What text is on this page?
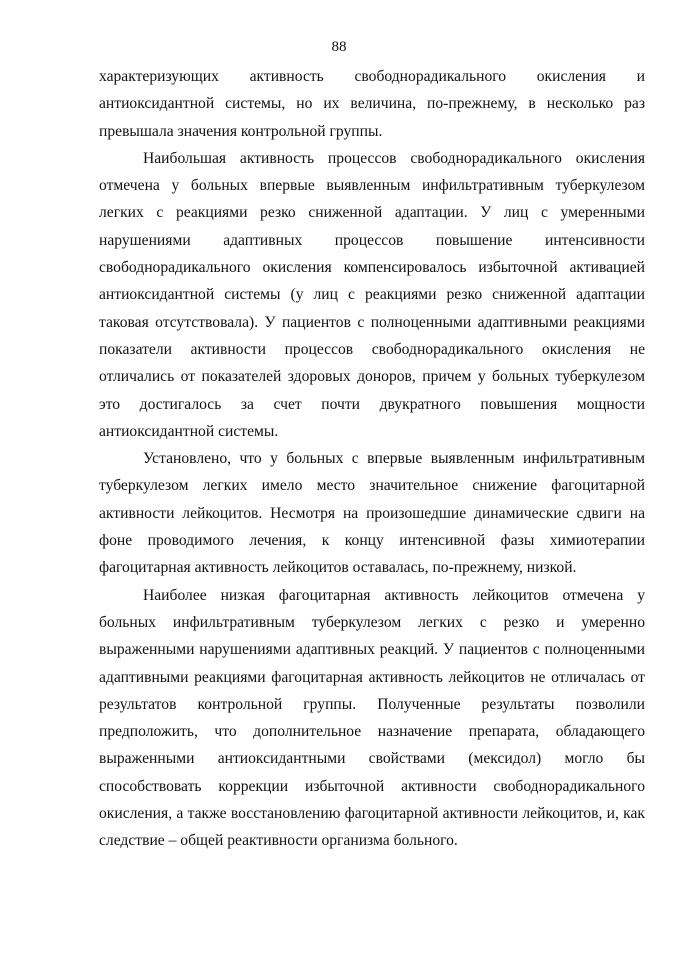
88

характеризующих активность свободнорадикального окисления и антиоксидантной системы, но их величина, по-прежнему, в несколько раз превышала значения контрольной группы.

Наибольшая активность процессов свободнорадикального окисления отмечена у больных впервые выявленным инфильтративным туберкулезом легких с реакциями резко сниженной адаптации. У лиц с умеренными нарушениями адаптивных процессов повышение интенсивности свободнорадикального окисления компенсировалось избыточной активацией антиоксидантной системы (у лиц с реакциями резко сниженной адаптации таковая отсутствовала). У пациентов с полноценными адаптивными реакциями показатели активности процессов свободнорадикального окисления не отличались от показателей здоровых доноров, причем у больных туберкулезом это достигалось за счет почти двукратного повышения мощности антиоксидантной системы.

Установлено, что у больных с впервые выявленным инфильтративным туберкулезом легких имело место значительное снижение фагоцитарной активности лейкоцитов. Несмотря на произошедшие динамические сдвиги на фоне проводимого лечения, к концу интенсивной фазы химиотерапии фагоцитарная активность лейкоцитов оставалась, по-прежнему, низкой.

Наиболее низкая фагоцитарная активность лейкоцитов отмечена у больных инфильтративным туберкулезом легких с резко и умеренно выраженными нарушениями адаптивных реакций. У пациентов с полноценными адаптивными реакциями фагоцитарная активность лейкоцитов не отличалась от результатов контрольной группы. Полученные результаты позволили предположить, что дополнительное назначение препарата, обладающего выраженными антиоксидантными свойствами (мексидол) могло бы способствовать коррекции избыточной активности свободнорадикального окисления, а также восстановлению фагоцитарной активности лейкоцитов, и, как следствие – общей реактивности организма больного.
